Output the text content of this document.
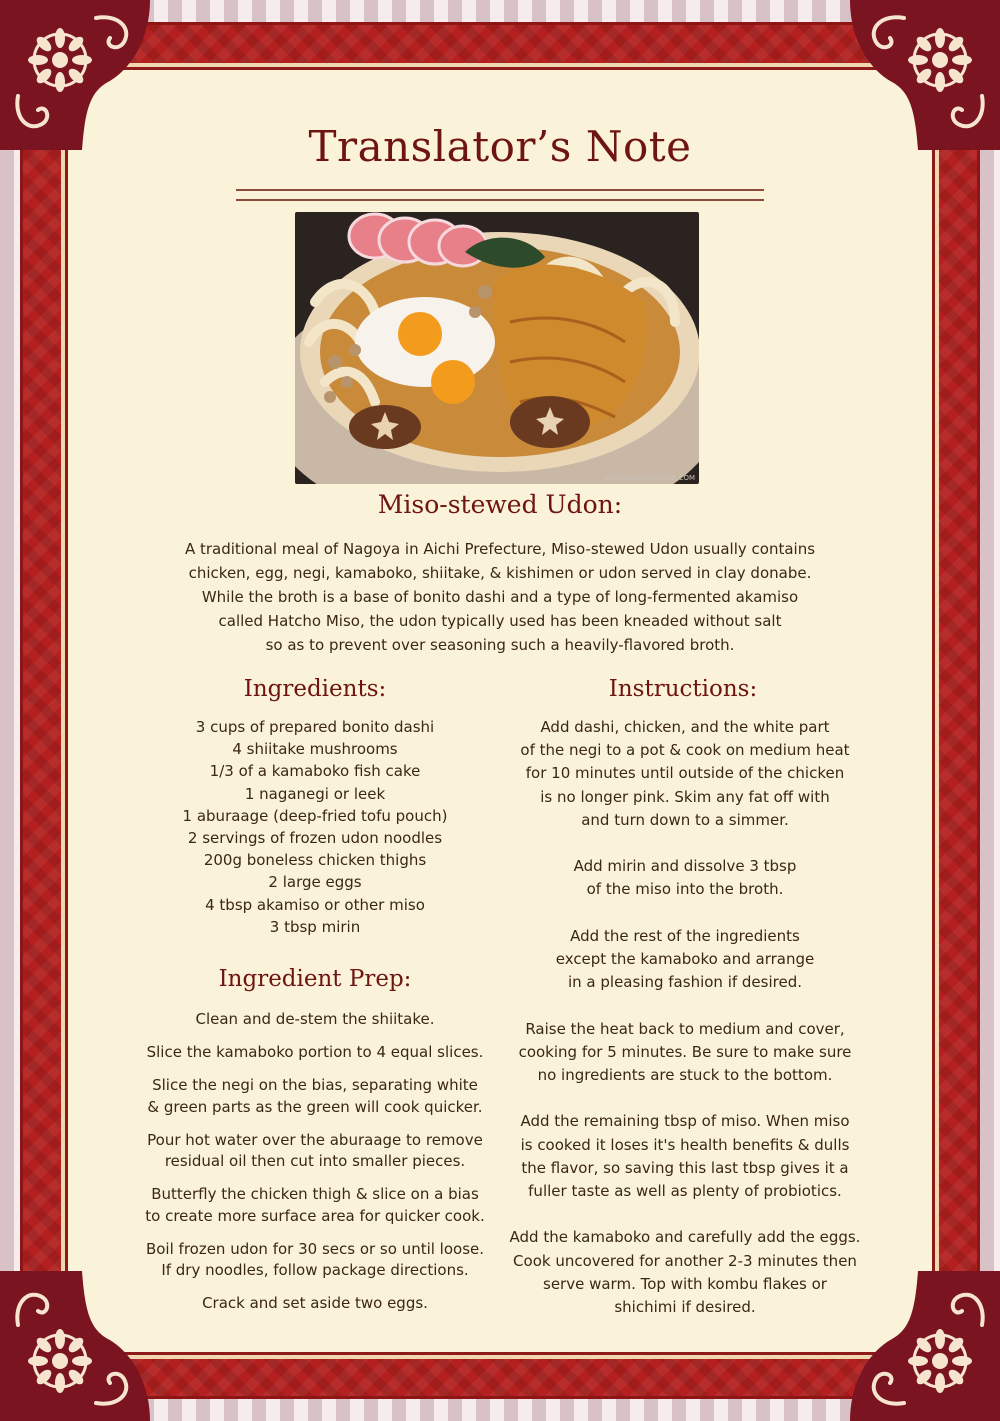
Translator’s Note
JUSTONECOOKBOOK.COM
Miso-stewed Udon:
A traditional meal of Nagoya in Aichi Prefecture, Miso-stewed Udon usually contains
chicken, egg, negi, kamaboko, shiitake, & kishimen or udon served in clay donabe.
While the broth is a base of bonito dashi and a type of long-fermented akamiso
called Hatcho Miso, the udon typically used has been kneaded without salt
so as to prevent over seasoning such a heavily-flavored broth.
Ingredients:
3 cups of prepared bonito dashi
4 shiitake mushrooms
1/3 of a kamaboko fish cake
1 naganegi or leek
1 aburaage (deep-fried tofu pouch)
2 servings of frozen udon noodles
200g boneless chicken thighs
2 large eggs
4 tbsp akamiso or other miso
3 tbsp mirin
Ingredient Prep:

Clean and de-stem the shiitake.

Slice the kamaboko portion to 4 equal slices.

Slice the negi on the bias, separating white
& green parts as the green will cook quicker.

Pour hot water over the aburaage to remove
residual oil then cut into smaller pieces.

Butterfly the chicken thigh & slice on a bias
to create more surface area for quicker cook.

Boil frozen udon for 30 secs or so until loose.
If dry noodles, follow package directions.

Crack and set aside two eggs.

Instructions:

Add dashi, chicken, and the white part
of the negi to a pot & cook on medium heat
for 10 minutes until outside of the chicken
is no longer pink. Skim any fat off with
and turn down to a simmer.

Add mirin and dissolve 3 tbsp
of the miso into the broth.

Add the rest of the ingredients
except the kamaboko and arrange
in a pleasing fashion if desired.

Raise the heat back to medium and cover,
cooking for 5 minutes. Be sure to make sure
no ingredients are stuck to the bottom.

Add the remaining tbsp of miso. When miso
is cooked it loses it's health benefits & dulls
the flavor, so saving this last tbsp gives it a
fuller taste as well as plenty of probiotics.

Add the kamaboko and carefully add the eggs.
Cook uncovered for another 2-3 minutes then
serve warm. Top with kombu flakes or
shichimi if desired.
